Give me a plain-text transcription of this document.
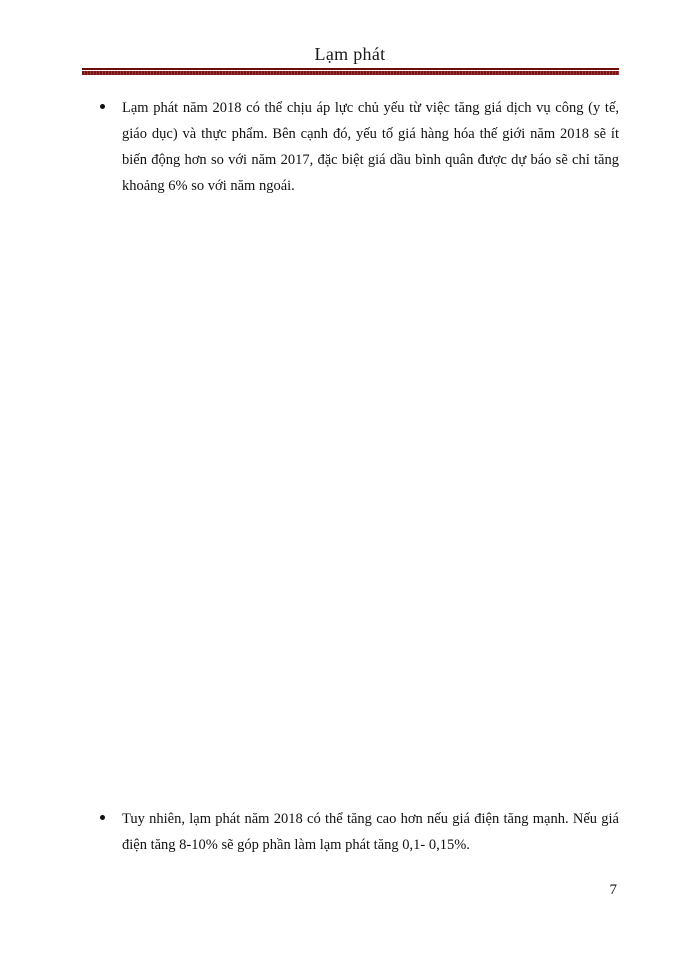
Lạm phát
Lạm phát năm 2018 có thể chịu áp lực chủ yếu từ việc tăng giá dịch vụ công (y tế, giáo dục) và thực phẩm. Bên cạnh đó, yếu tố giá hàng hóa thế giới năm 2018 sẽ ít biến động hơn so với năm 2017, đặc biệt giá dầu bình quân được dự báo sẽ chỉ tăng khoảng 6% so với năm ngoái.
Tuy nhiên, lạm phát năm 2018 có thể tăng cao hơn nếu giá điện tăng mạnh. Nếu giá điện tăng 8-10% sẽ góp phần làm lạm phát tăng 0,1- 0,15%.
7
